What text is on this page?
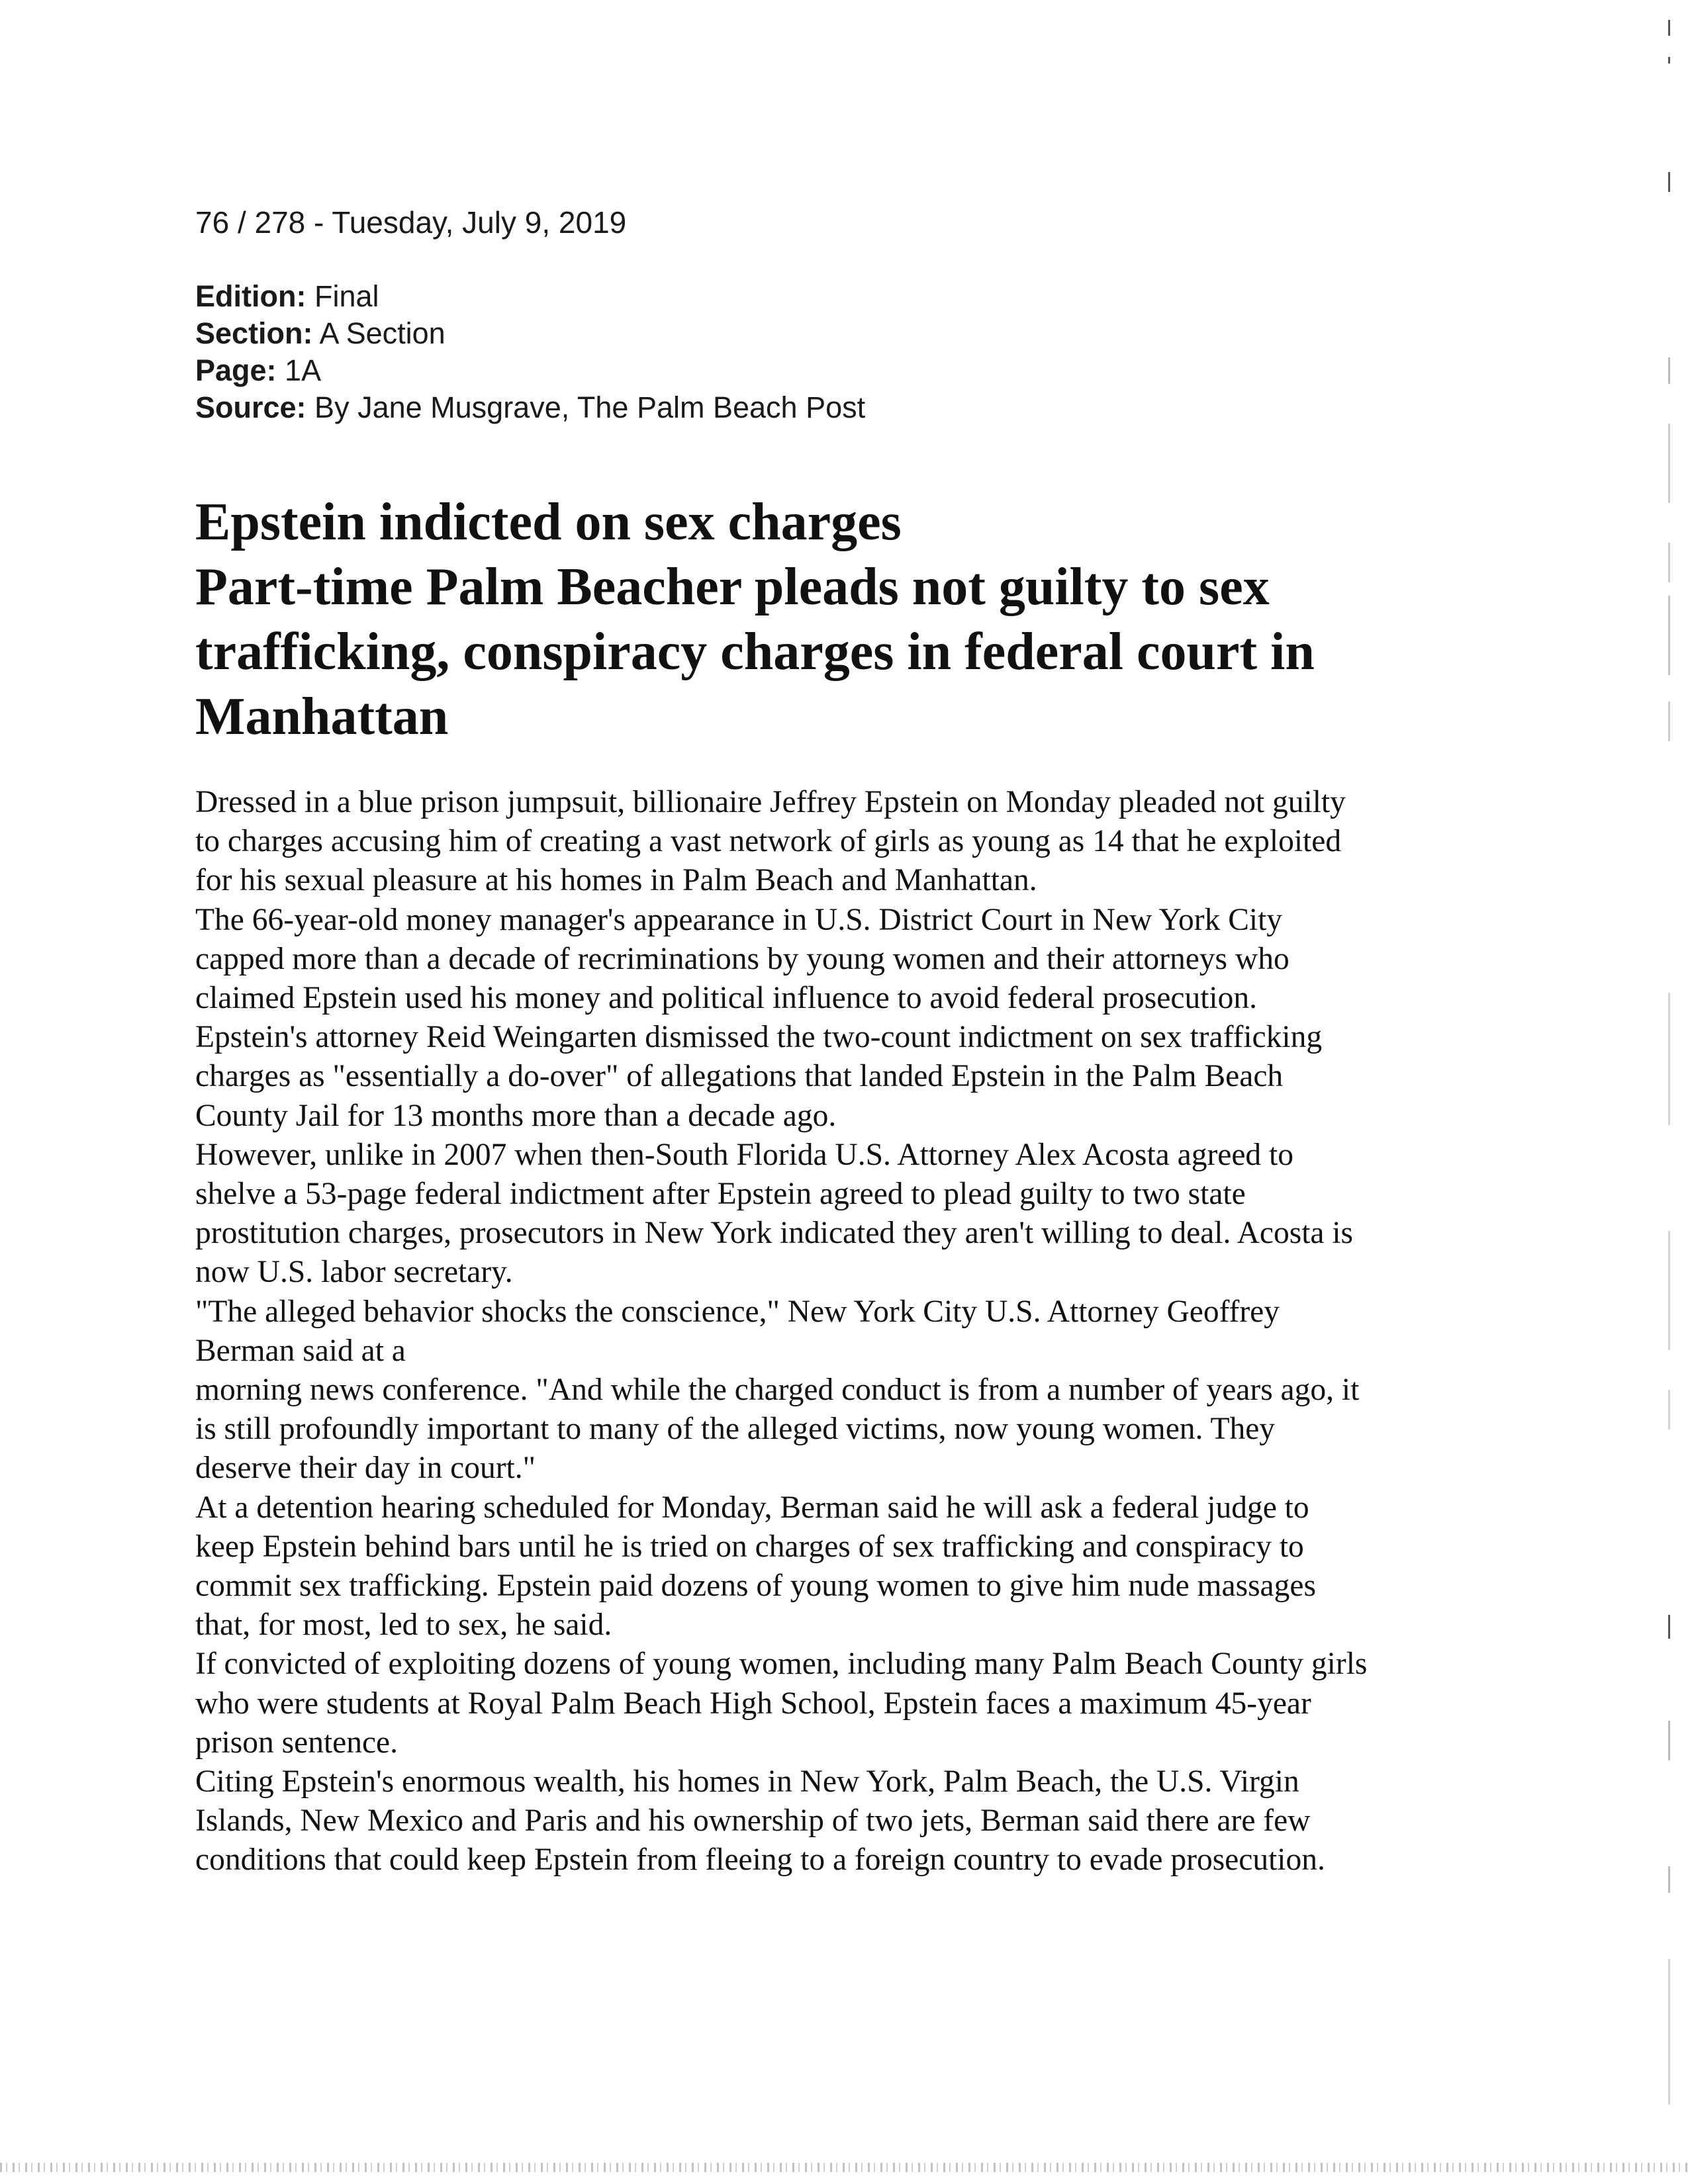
76 / 278 - Tuesday, July 9, 2019
Edition: Final
Section: A Section
Page: 1A
Source: By Jane Musgrave, The Palm Beach Post
Epstein indicted on sex charges
Part-time Palm Beacher pleads not guilty to sex
trafficking, conspiracy charges in federal court in
Manhattan
Dressed in a blue prison jumpsuit, billionaire Jeffrey Epstein on Monday pleaded not guilty
to charges accusing him of creating a vast network of girls as young as 14 that he exploited
for his sexual pleasure at his homes in Palm Beach and Manhattan.
The 66-year-old money manager's appearance in U.S. District Court in New York City
capped more than a decade of recriminations by young women and their attorneys who
claimed Epstein used his money and political influence to avoid federal prosecution.
Epstein's attorney Reid Weingarten dismissed the two-count indictment on sex trafficking
charges as "essentially a do-over" of allegations that landed Epstein in the Palm Beach
County Jail for 13 months more than a decade ago.
However, unlike in 2007 when then-South Florida U.S. Attorney Alex Acosta agreed to
shelve a 53-page federal indictment after Epstein agreed to plead guilty to two state
prostitution charges, prosecutors in New York indicated they aren't willing to deal. Acosta is
now U.S. labor secretary.
"The alleged behavior shocks the conscience," New York City U.S. Attorney Geoffrey
Berman said at a
morning news conference. "And while the charged conduct is from a number of years ago, it
is still profoundly important to many of the alleged victims, now young women. They
deserve their day in court."
At a detention hearing scheduled for Monday, Berman said he will ask a federal judge to
keep Epstein behind bars until he is tried on charges of sex trafficking and conspiracy to
commit sex trafficking. Epstein paid dozens of young women to give him nude massages
that, for most, led to sex, he said.
If convicted of exploiting dozens of young women, including many Palm Beach County girls
who were students at Royal Palm Beach High School, Epstein faces a maximum 45-year
prison sentence.
Citing Epstein's enormous wealth, his homes in New York, Palm Beach, the U.S. Virgin
Islands, New Mexico and Paris and his ownership of two jets, Berman said there are few
conditions that could keep Epstein from fleeing to a foreign country to evade prosecution.
